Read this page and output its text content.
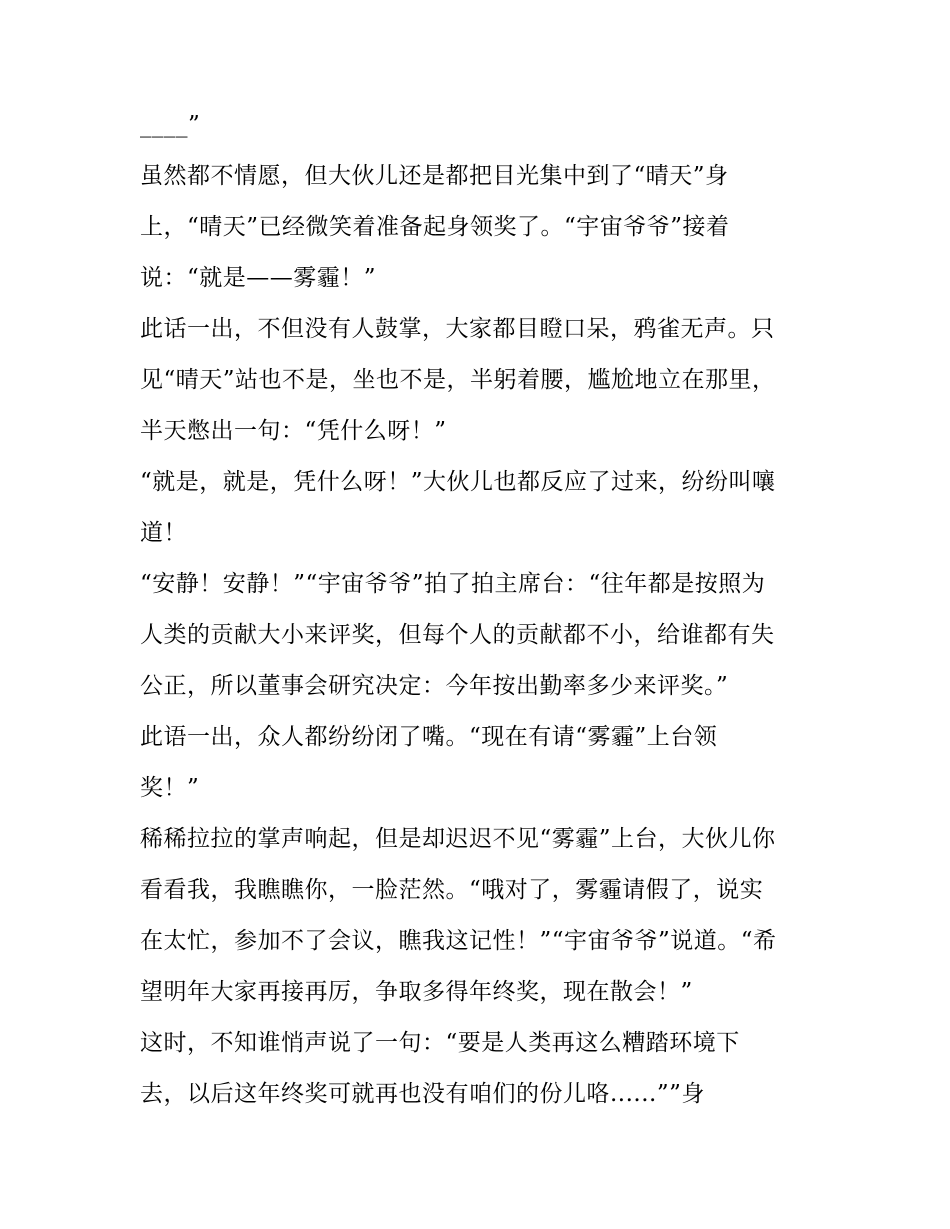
____”
虽然都不情愿，但大伙儿还是都把目光集中到了“晴天”身
上，“晴天”已经微笑着准备起身领奖了。“宇宙爷爷”接着
说：“就是——雾霾！”
此话一出，不但没有人鼓掌，大家都目瞪口呆，鸦雀无声。只
见“晴天”站也不是，坐也不是，半躬着腰，尴尬地立在那里，
半天憋出一句：“凭什么呀！”
“就是，就是，凭什么呀！”大伙儿也都反应了过来，纷纷叫嚷
道！
“安静！安静！”“宇宙爷爷”拍了拍主席台：“往年都是按照为
人类的贡献大小来评奖，但每个人的贡献都不小，给谁都有失
公正，所以董事会研究决定：今年按出勤率多少来评奖。”
此语一出，众人都纷纷闭了嘴。“现在有请“雾霾”上台领
奖！”
稀稀拉拉的掌声响起，但是却迟迟不见“雾霾”上台，大伙儿你
看看我，我瞧瞧你，一脸茫然。“哦对了，雾霾请假了，说实
在太忙，参加不了会议，瞧我这记性！”“宇宙爷爷”说道。“希
望明年大家再接再厉，争取多得年终奖，现在散会！”
这时，不知谁悄声说了一句：“要是人类再这么糟踏环境下
去，以后这年终奖可就再也没有咱们的份儿咯......””身
